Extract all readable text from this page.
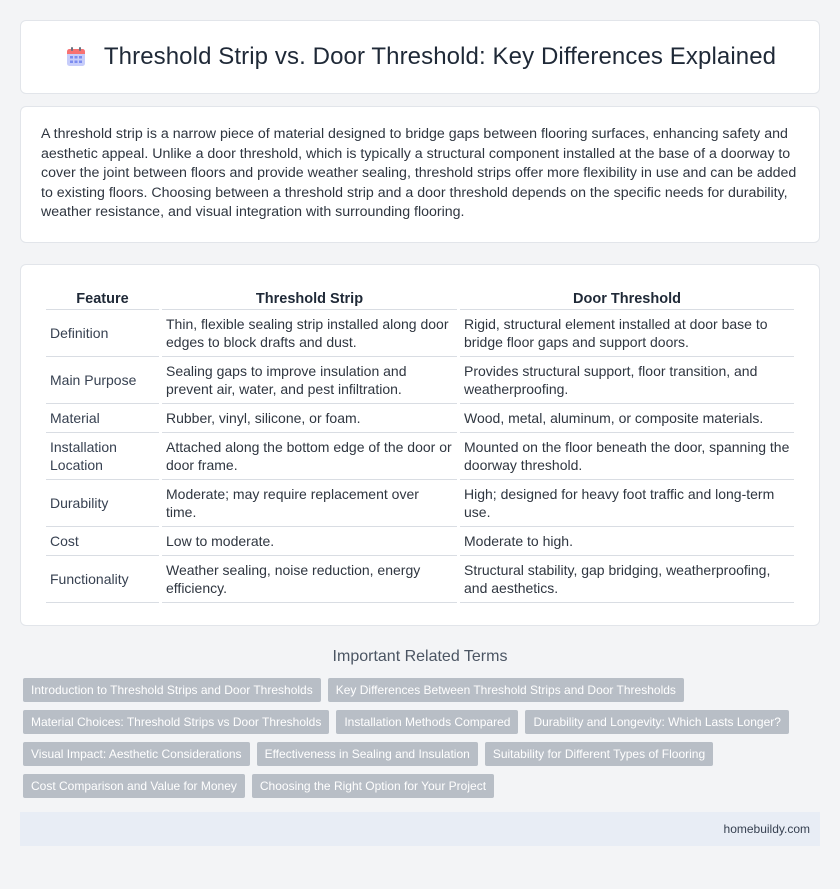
Threshold Strip vs. Door Threshold: Key Differences Explained

A threshold strip is a narrow piece of material designed to bridge gaps between flooring surfaces, enhancing safety and aesthetic appeal. Unlike a door threshold, which is typically a structural component installed at the base of a doorway to cover the joint between floors and provide weather sealing, threshold strips offer more flexibility in use and can be added to existing floors. Choosing between a threshold strip and a door threshold depends on the specific needs for durability, weather resistance, and visual integration with surrounding flooring.

Feature	Threshold Strip	Door Threshold
Definition	Thin, flexible sealing strip installed along door edges to block drafts and dust.	Rigid, structural element installed at door base to bridge floor gaps and support doors.
Main Purpose	Sealing gaps to improve insulation and prevent air, water, and pest infiltration.	Provides structural support, floor transition, and weatherproofing.
Material	Rubber, vinyl, silicone, or foam.	Wood, metal, aluminum, or composite materials.
Installation Location	Attached along the bottom edge of the door or door frame.	Mounted on the floor beneath the door, spanning the doorway threshold.
Durability	Moderate; may require replacement over time.	High; designed for heavy foot traffic and long-term use.
Cost	Low to moderate.	Moderate to high.
Functionality	Weather sealing, noise reduction, energy efficiency.	Structural stability, gap bridging, weatherproofing, and aesthetics.
Important Related Terms
Introduction to Threshold Strips and Door Thresholds	Key Differences Between Threshold Strips and Door Thresholds
Material Choices: Threshold Strips vs Door Thresholds	Installation Methods Compared	Durability and Longevity: Which Lasts Longer?
Visual Impact: Aesthetic Considerations	Effectiveness in Sealing and Insulation	Suitability for Different Types of Flooring
Cost Comparison and Value for Money	Choosing the Right Option for Your Project
homebuildy.com
